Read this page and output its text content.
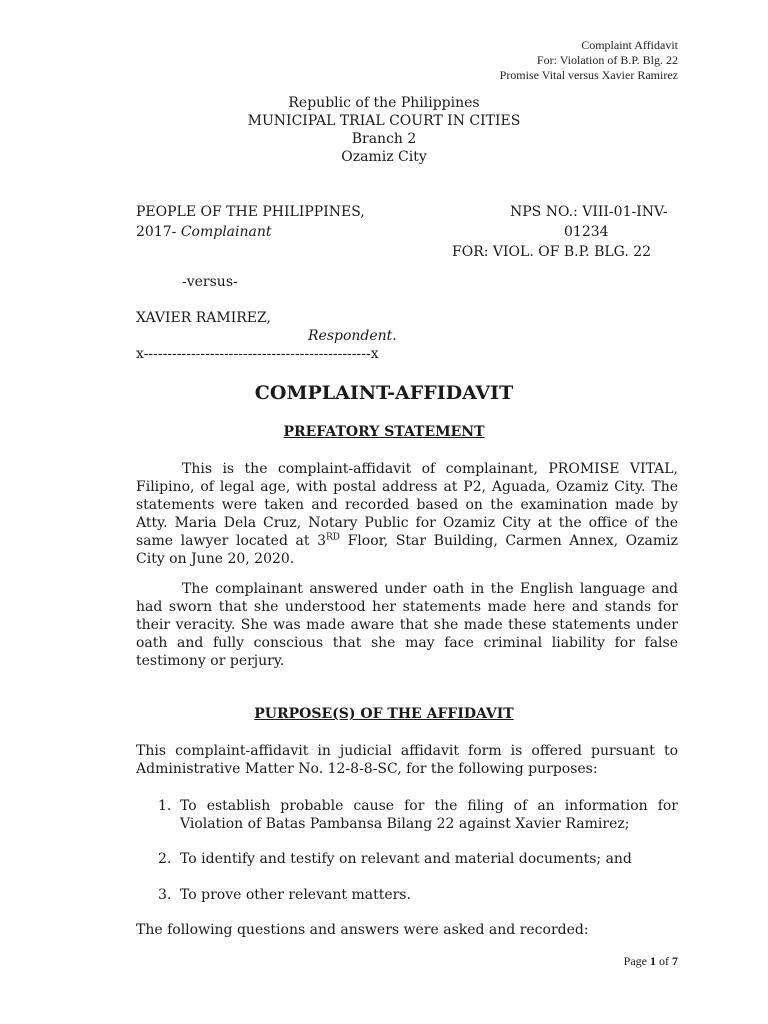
Complaint Affidavit
For: Violation of B.P. Blg. 22
Promise Vital versus Xavier Ramirez
Republic of the Philippines
MUNICIPAL TRIAL COURT IN CITIES
Branch 2
Ozamiz City
PEOPLE OF THE PHILIPPINES,
2017- Complainant
NPS NO.: VIII-01-INV-
01234
FOR: VIOL. OF B.P. BLG. 22
-versus-
XAVIER RAMIREZ,
Respondent.
x------------------------------------------------x
COMPLAINT-AFFIDAVIT
PREFATORY STATEMENT
This is the complaint-affidavit of complainant, PROMISE VITAL, Filipino, of legal age, with postal address at P2, Aguada, Ozamiz City. The statements were taken and recorded based on the examination made by Atty. Maria Dela Cruz, Notary Public for Ozamiz City at the office of the same lawyer located at 3RD Floor, Star Building, Carmen Annex, Ozamiz City on June 20, 2020.
The complainant answered under oath in the English language and had sworn that she understood her statements made here and stands for their veracity. She was made aware that she made these statements under oath and fully conscious that she may face criminal liability for false testimony or perjury.
PURPOSE(S) OF THE AFFIDAVIT
This complaint-affidavit in judicial affidavit form is offered pursuant to Administrative Matter No. 12-8-8-SC, for the following purposes:
1. To establish probable cause for the filing of an information for Violation of Batas Pambansa Bilang 22 against Xavier Ramirez;
2. To identify and testify on relevant and material documents; and
3. To prove other relevant matters.
The following questions and answers were asked and recorded:
Page 1 of 7
